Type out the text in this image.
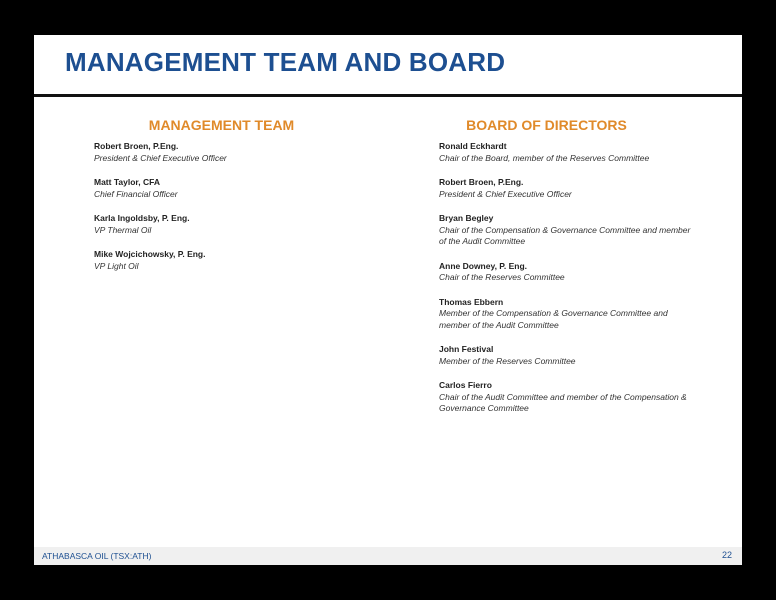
MANAGEMENT TEAM AND BOARD
MANAGEMENT TEAM
Robert Broen, P.Eng.
President & Chief Executive Officer
Matt Taylor, CFA
Chief Financial Officer
Karla Ingoldsby, P. Eng.
VP Thermal Oil
Mike Wojcichowsky, P. Eng.
VP Light Oil
BOARD OF DIRECTORS
Ronald Eckhardt
Chair of the Board, member of the Reserves Committee
Robert Broen, P.Eng.
President & Chief Executive Officer
Bryan Begley
Chair of the Compensation & Governance Committee and member of the Audit Committee
Anne Downey, P. Eng.
Chair of the Reserves Committee
Thomas Ebbern
Member of the Compensation & Governance Committee and member of the Audit Committee
John Festival
Member of the Reserves Committee
Carlos Fierro
Chair of the Audit Committee and member of the Compensation & Governance Committee
ATHABASCA OIL (TSX:ATH)	22
